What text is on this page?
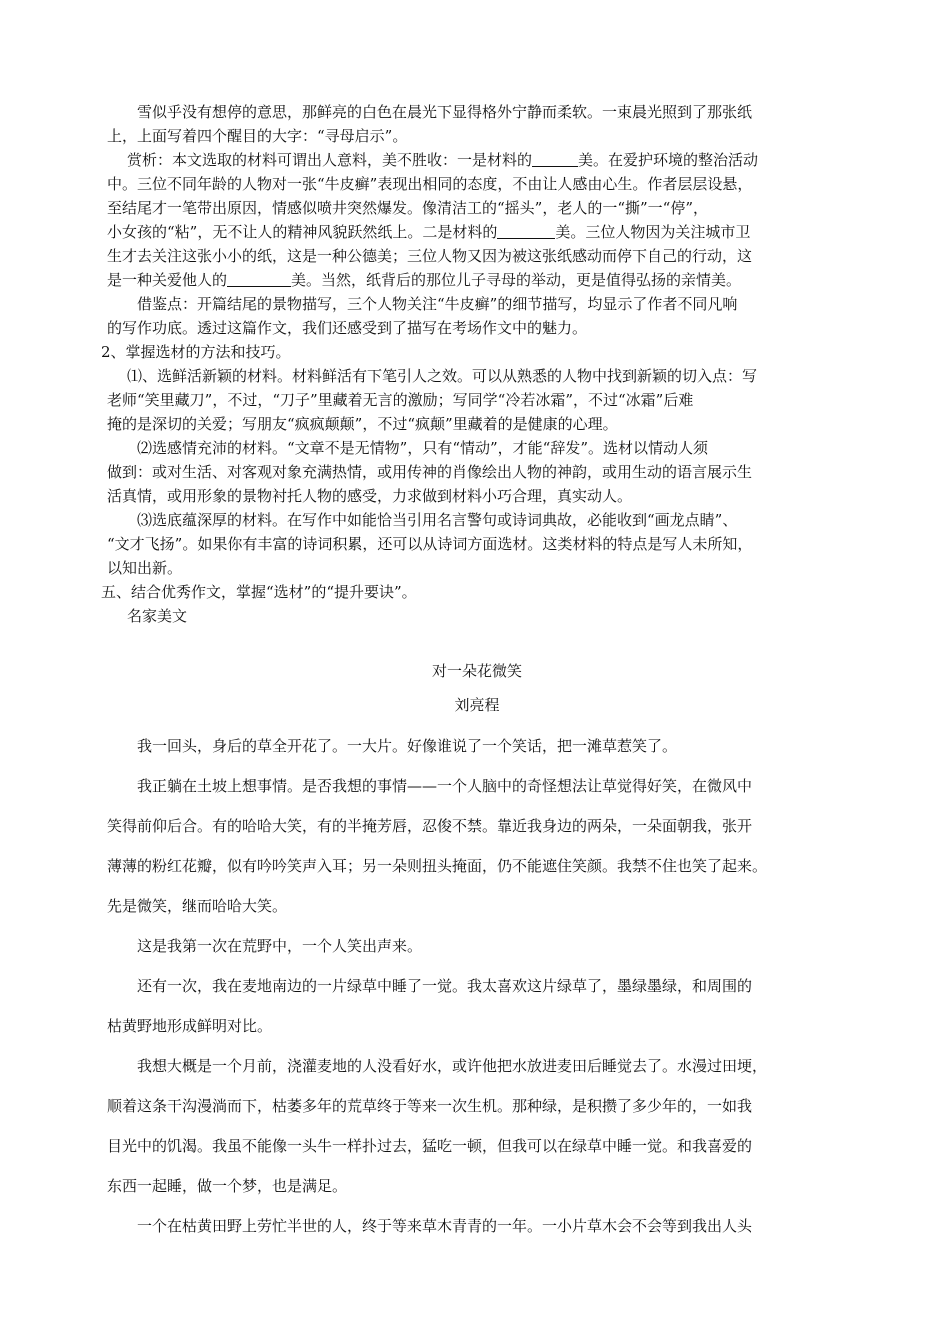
雪似乎没有想停的意思，那鲜亮的白色在晨光下显得格外宁静而柔软。一束晨光照到了那张纸
上，上面写着四个醒目的大字：“寻母启示”。
赏析：本文选取的材料可谓出人意料，美不胜收：一是材料的	美。在爱护环境的整治活动
中。三位不同年龄的人物对一张“牛皮癣”表现出相同的态度，不由让人感由心生。作者层层设悬，
至结尾才一笔带出原因，情感似喷井突然爆发。像清洁工的“摇头”，老人的一“撕”一“停”，
小女孩的“粘”，无不让人的精神风貌跃然纸上。二是材料的	美。三位人物因为关注城市卫
生才去关注这张小小的纸，这是一种公德美；三位人物又因为被这张纸感动而停下自己的行动，这
是一种关爱他人的	美。当然，纸背后的那位儿子寻母的举动，更是值得弘扬的亲情美。
借鉴点：开篇结尾的景物描写，三个人物关注“牛皮癣”的细节描写，均显示了作者不同凡响
的写作功底。透过这篇作文，我们还感受到了描写在考场作文中的魅力。
2、掌握选材的方法和技巧。
⑴、选鲜活新颖的材料。材料鲜活有下笔引人之效。可以从熟悉的人物中找到新颖的切入点：写
老师“笑里藏刀”，不过，“刀子”里藏着无言的激励；写同学“冷若冰霜”，不过“冰霜”后难
掩的是深切的关爱；写朋友“疯疯颠颠”，不过“疯颠”里藏着的是健康的心理。
⑵选感情充沛的材料。“文章不是无情物”，只有“情动”，才能“辞发”。选材以情动人须
做到：或对生活、对客观对象充满热情，或用传神的肖像绘出人物的神韵，或用生动的语言展示生
活真情，或用形象的景物衬托人物的感受，力求做到材料小巧合理，真实动人。
⑶选底蕴深厚的材料。在写作中如能恰当引用名言警句或诗词典故，必能收到“画龙点睛”、
“文才飞扬”。如果你有丰富的诗词积累，还可以从诗词方面选材。这类材料的特点是写人未所知，
以知出新。
五、结合优秀作文，掌握“选材”的“提升要诀”。
名家美文
对一朵花微笑
刘亮程
我一回头，身后的草全开花了。一大片。好像谁说了一个笑话，把一滩草惹笑了。
我正躺在土坡上想事情。是否我想的事情——一个人脑中的奇怪想法让草觉得好笑，在微风中
笑得前仰后合。有的哈哈大笑，有的半掩芳唇，忍俊不禁。靠近我身边的两朵，一朵面朝我，张开
薄薄的粉红花瓣，似有吟吟笑声入耳；另一朵则扭头掩面，仍不能遮住笑颜。我禁不住也笑了起来。
先是微笑，继而哈哈大笑。
这是我第一次在荒野中，一个人笑出声来。
还有一次，我在麦地南边的一片绿草中睡了一觉。我太喜欢这片绿草了，墨绿墨绿，和周围的
枯黄野地形成鲜明对比。
我想大概是一个月前，浇灌麦地的人没看好水，或许他把水放进麦田后睡觉去了。水漫过田埂，
顺着这条干沟漫淌而下，枯萎多年的荒草终于等来一次生机。那种绿，是积攒了多少年的，一如我
目光中的饥渴。我虽不能像一头牛一样扑过去，猛吃一顿，但我可以在绿草中睡一觉。和我喜爱的
东西一起睡，做一个梦，也是满足。
一个在枯黄田野上劳忙半世的人，终于等来草木青青的一年。一小片草木会不会等到我出人头
